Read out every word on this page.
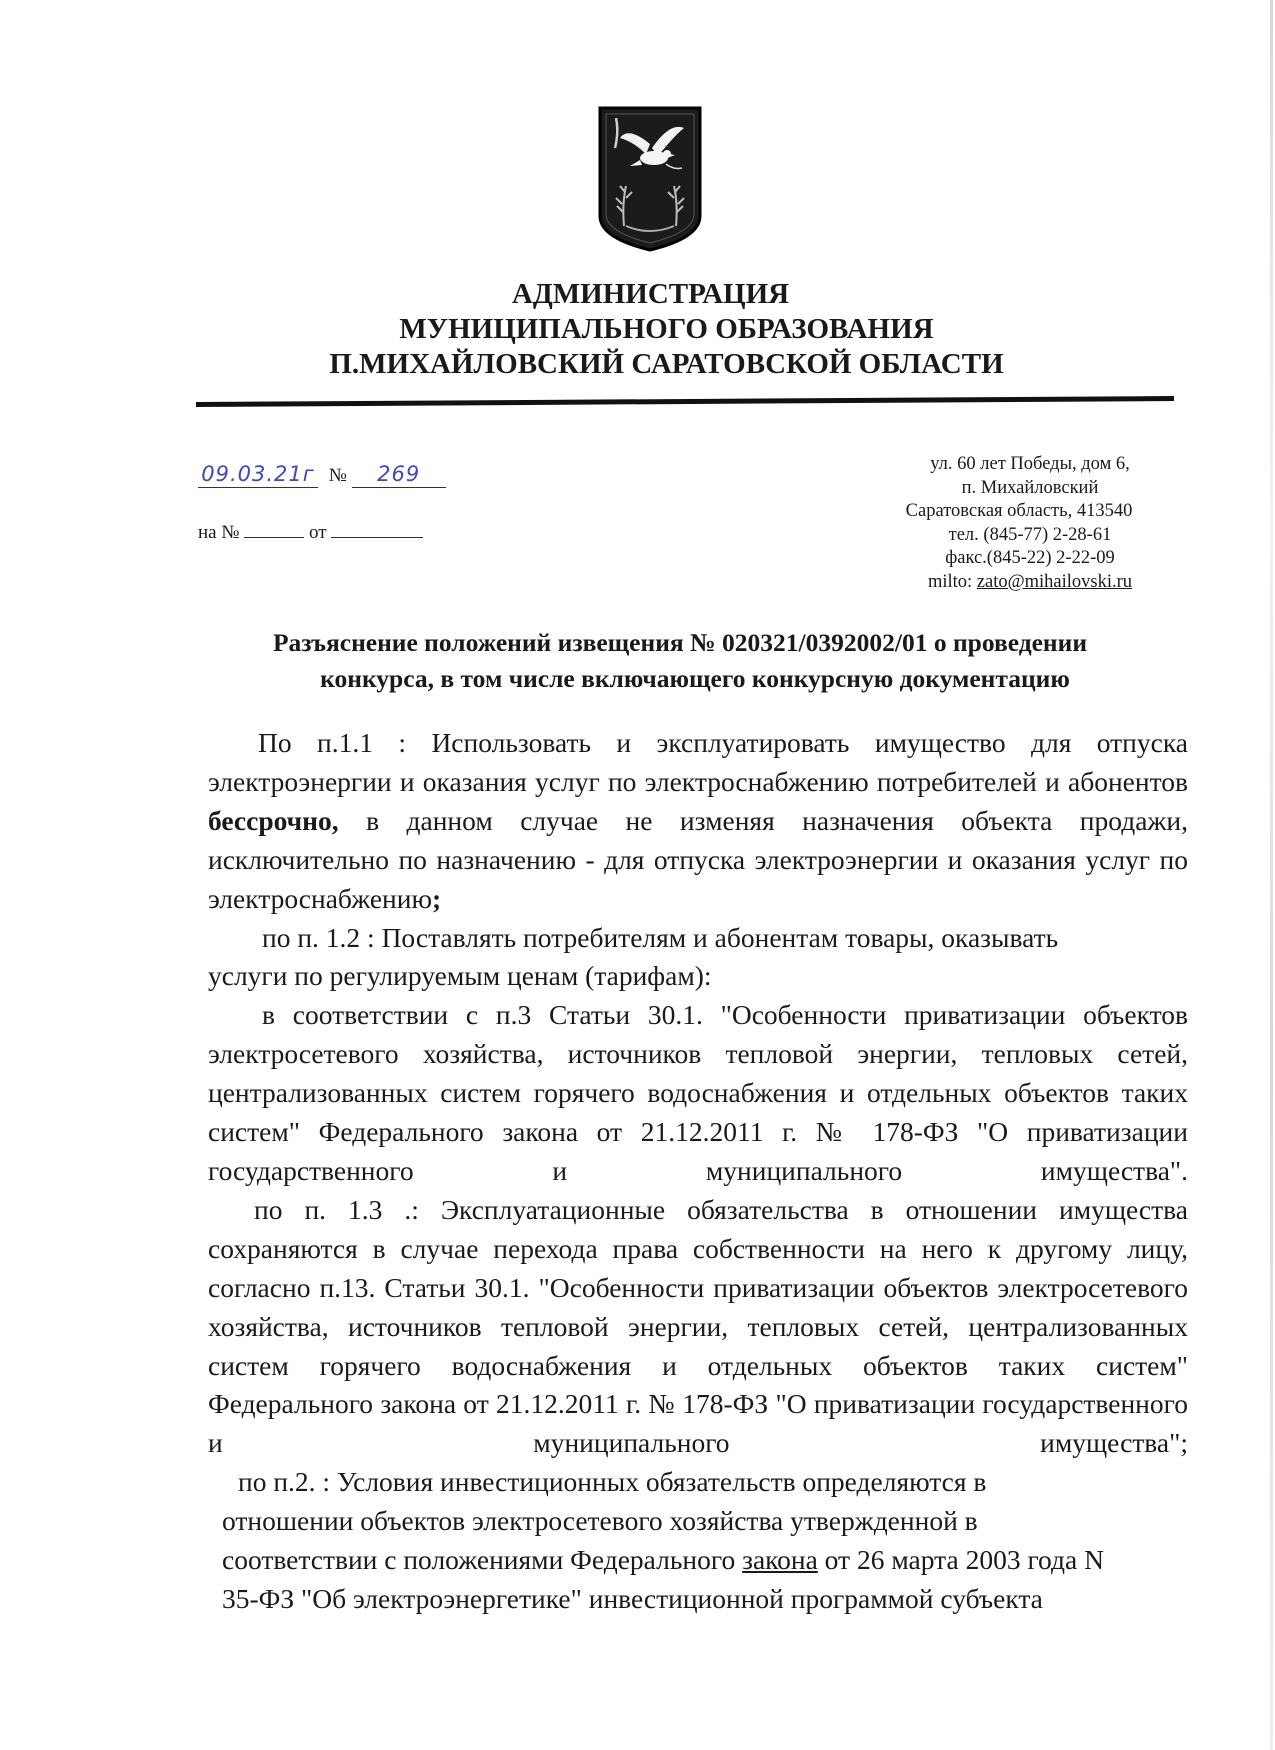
АДМИНИСТРАЦИЯ
МУНИЦИПАЛЬНОГО ОБРАЗОВАНИЯ
П.МИХАЙЛОВСКИЙ САРАТОВСКОЙ ОБЛАСТИ
09.03.21г № 269
на №	от
ул. 60 лет Победы, дом 6,
п. Михайловский
Саратовская область, 413540
тел. (845-77) 2-28-61
факс.(845-22) 2-22-09
milto: zato@mihailovski.ru
Разъяснение положений извещения № 020321/0392002/01 о проведении
конкурса, в том числе включающего конкурсную документацию
По п.1.1 : Использовать и эксплуатировать имущество для отпуска электроэнергии и оказания услуг по электроснабжению потребителей и абонентов бессрочно, в данном случае не изменяя назначения объекта продажи, исключительно по назначению - для отпуска электроэнергии и оказания услуг по электроснабжению;
по п. 1.2 : Поставлять потребителям и абонентам товары, оказывать
услуги по регулируемым ценам (тарифам):
в соответствии с п.3 Статьи 30.1. "Особенности приватизации объектов электросетевого хозяйства, источников тепловой энергии, тепловых сетей, централизованных систем горячего водоснабжения и отдельных объектов таких систем" Федерального закона от 21.12.2011 г. № 178-ФЗ "О приватизации государственного и муниципального имущества".
по п. 1.3 .: Эксплуатационные обязательства в отношении имущества сохраняются в случае перехода права собственности на него к другому лицу, согласно п.13. Статьи 30.1. "Особенности приватизации объектов электросетевого хозяйства, источников тепловой энергии, тепловых сетей, централизованных систем горячего водоснабжения и отдельных объектов таких систем" Федерального закона от 21.12.2011 г. № 178-ФЗ "О приватизации государственного и муниципального имущества";
по п.2. : Условия инвестиционных обязательств определяются в
отношении объектов электросетевого хозяйства утвержденной в
соответствии с положениями Федерального закона от 26 марта 2003 года N
35-ФЗ "Об электроэнергетике" инвестиционной программой субъекта
